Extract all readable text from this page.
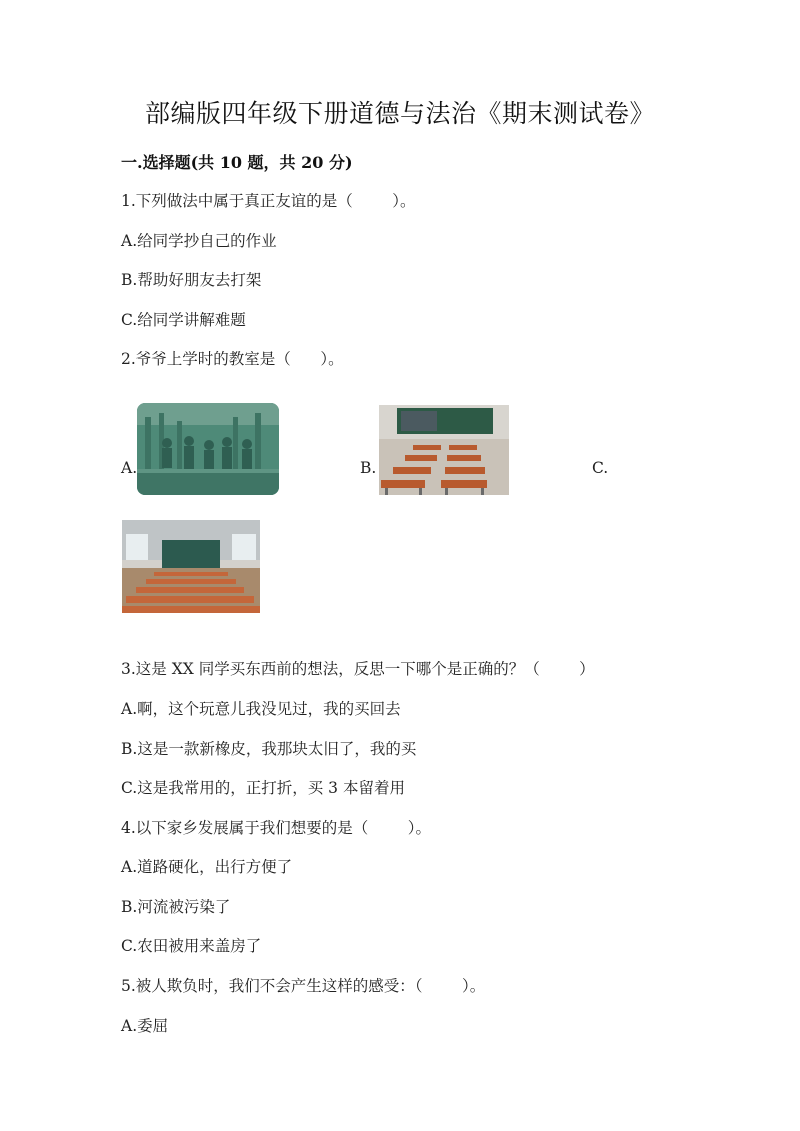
部编版四年级下册道德与法治《期末测试卷》
一.选择题(共 10 题，共 20 分)
1.下列做法中属于真正友谊的是（        ）。
A.给同学抄自己的作业
B.帮助好朋友去打架
C.给同学讲解难题
2.爷爷上学时的教室是（      ）。
A.	B.	C.
3.这是 XX 同学买东西前的想法，反思一下哪个是正确的？（        ）
A.啊，这个玩意儿我没见过，我的买回去
B.这是一款新橡皮，我那块太旧了，我的买
C.这是我常用的，正打折，买 3 本留着用
4.以下家乡发展属于我们想要的是（        ）。
A.道路硬化，出行方便了
B.河流被污染了
C.农田被用来盖房了
5.被人欺负时，我们不会产生这样的感受：（        ）。
A.委屈
